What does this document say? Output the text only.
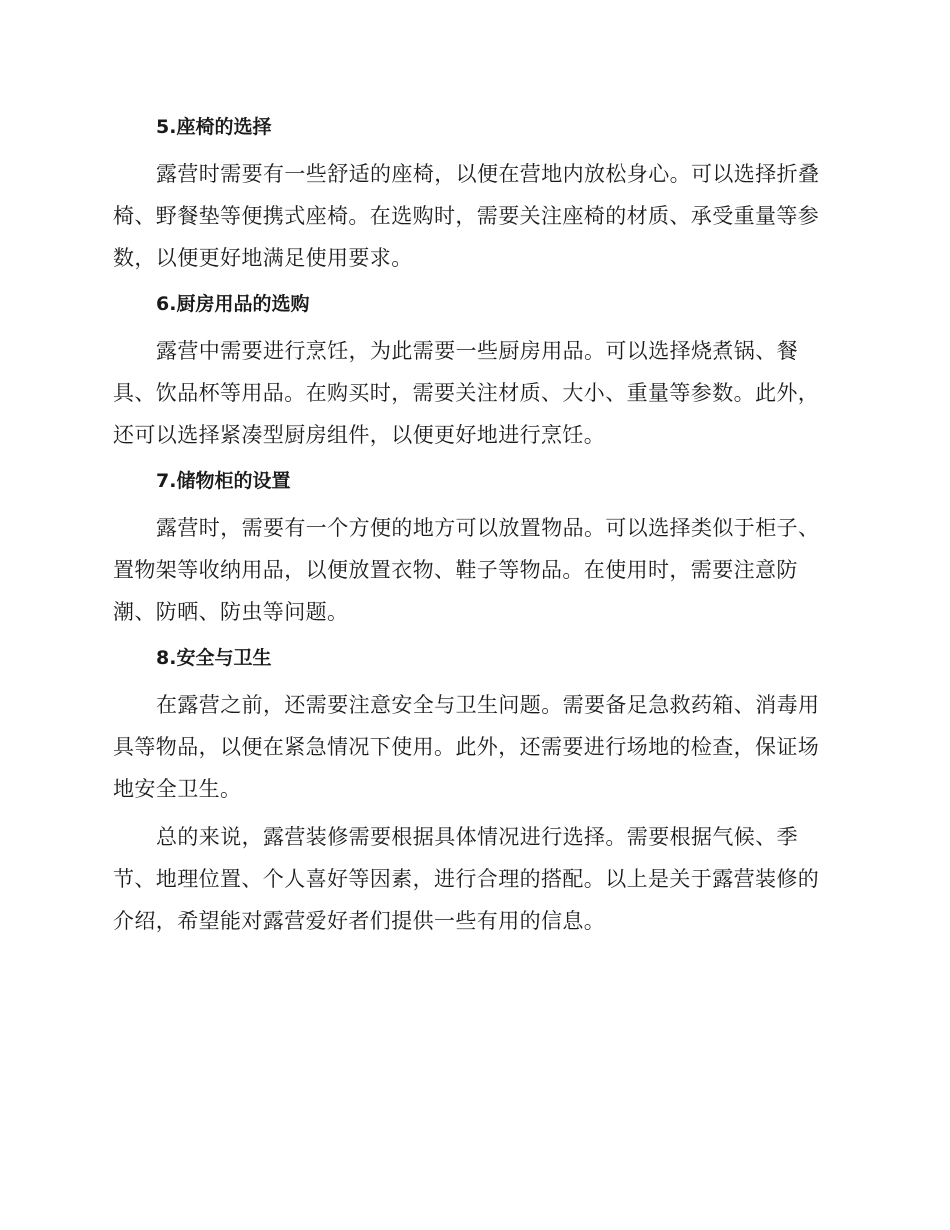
5.座椅的选择
露营时需要有一些舒适的座椅，以便在营地内放松身心。可以选择折叠
椅、野餐垫等便携式座椅。在选购时，需要关注座椅的材质、承受重量等参
数，以便更好地满足使用要求。
6.厨房用品的选购
露营中需要进行烹饪，为此需要一些厨房用品。可以选择烧煮锅、餐
具、饮品杯等用品。在购买时，需要关注材质、大小、重量等参数。此外，
还可以选择紧凑型厨房组件，以便更好地进行烹饪。
7.储物柜的设置
露营时，需要有一个方便的地方可以放置物品。可以选择类似于柜子、
置物架等收纳用品，以便放置衣物、鞋子等物品。在使用时，需要注意防
潮、防晒、防虫等问题。
8.安全与卫生
在露营之前，还需要注意安全与卫生问题。需要备足急救药箱、消毒用
具等物品，以便在紧急情况下使用。此外，还需要进行场地的检查，保证场
地安全卫生。
总的来说，露营装修需要根据具体情况进行选择。需要根据气候、季
节、地理位置、个人喜好等因素，进行合理的搭配。以上是关于露营装修的
介绍，希望能对露营爱好者们提供一些有用的信息。
